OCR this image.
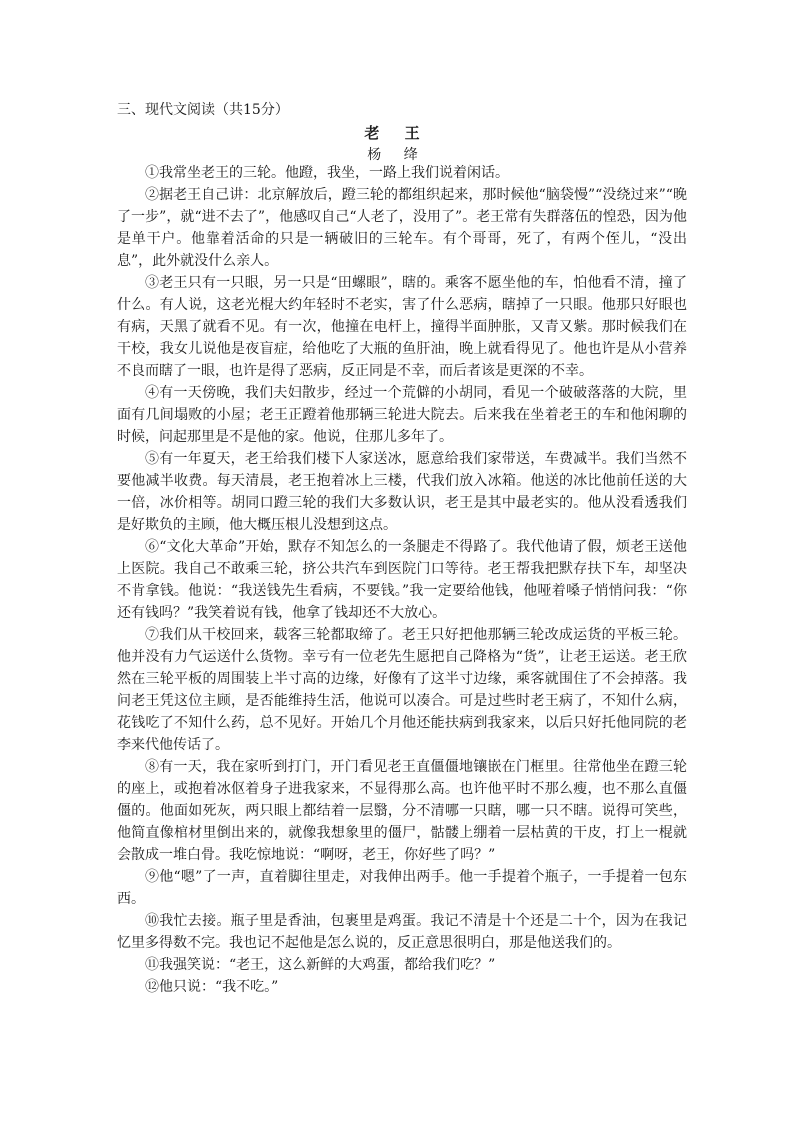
三、现代文阅读（共15分）
老 王
杨 绛

①我常坐老王的三轮。他蹬，我坐，一路上我们说着闲话。

②据老王自己讲：北京解放后，蹬三轮的都组织起来，那时候他“脑袋慢”“没绕过来”“晚了一步”，就“进不去了”，他感叹自己“人老了，没用了”。老王常有失群落伍的惶恐，因为他是单干户。他靠着活命的只是一辆破旧的三轮车。有个哥哥，死了，有两个侄儿，“没出息”，此外就没什么亲人。

③老王只有一只眼，另一只是“田螺眼”，瞎的。乘客不愿坐他的车，怕他看不清，撞了什么。有人说，这老光棍大约年轻时不老实，害了什么恶病，瞎掉了一只眼。他那只好眼也有病，天黑了就看不见。有一次，他撞在电杆上，撞得半面肿胀，又青又紫。那时候我们在干校，我女儿说他是夜盲症，给他吃了大瓶的鱼肝油，晚上就看得见了。他也许是从小营养不良而瞎了一眼，也许是得了恶病，反正同是不幸，而后者该是更深的不幸。

④有一天傍晚，我们夫妇散步，经过一个荒僻的小胡同，看见一个破破落落的大院，里面有几间塌败的小屋；老王正蹬着他那辆三轮进大院去。后来我在坐着老王的车和他闲聊的时候，问起那里是不是他的家。他说，住那儿多年了。

⑤有一年夏天，老王给我们楼下人家送冰，愿意给我们家带送，车费减半。我们当然不要他减半收费。每天清晨，老王抱着冰上三楼，代我们放入冰箱。他送的冰比他前任送的大一倍，冰价相等。胡同口蹬三轮的我们大多数认识，老王是其中最老实的。他从没看透我们是好欺负的主顾，他大概压根儿没想到这点。

⑥“文化大革命”开始，默存不知怎么的一条腿走不得路了。我代他请了假，烦老王送他上医院。我自己不敢乘三轮，挤公共汽车到医院门口等待。老王帮我把默存扶下车，却坚决不肯拿钱。他说：“我送钱先生看病，不要钱。”我一定要给他钱，他哑着嗓子悄悄问我：“你还有钱吗？”我笑着说有钱，他拿了钱却还不大放心。

⑦我们从干校回来，载客三轮都取缔了。老王只好把他那辆三轮改成运货的平板三轮。他并没有力气运送什么货物。幸亏有一位老先生愿把自己降格为“货”，让老王运送。老王欣然在三轮平板的周围装上半寸高的边缘，好像有了这半寸边缘，乘客就围住了不会掉落。我问老王凭这位主顾，是否能维持生活，他说可以凑合。可是过些时老王病了，不知什么病，花钱吃了不知什么药，总不见好。开始几个月他还能扶病到我家来，以后只好托他同院的老李来代他传话了。

⑧有一天，我在家听到打门，开门看见老王直僵僵地镶嵌在门框里。往常他坐在蹬三轮的座上，或抱着冰伛着身子进我家来，不显得那么高。也许他平时不那么瘦，也不那么直僵僵的。他面如死灰，两只眼上都结着一层翳，分不清哪一只瞎，哪一只不瞎。说得可笑些，他简直像棺材里倒出来的，就像我想象里的僵尸，骷髅上绷着一层枯黄的干皮，打上一棍就会散成一堆白骨。我吃惊地说：“啊呀，老王，你好些了吗？”

⑨他“嗯”了一声，直着脚往里走，对我伸出两手。他一手提着个瓶子，一手提着一包东西。

⑩我忙去接。瓶子里是香油，包裹里是鸡蛋。我记不清是十个还是二十个，因为在我记忆里多得数不完。我也记不起他是怎么说的，反正意思很明白，那是他送我们的。

⑪我强笑说：“老王，这么新鲜的大鸡蛋，都给我们吃？”

⑫他只说：“我不吃。”
